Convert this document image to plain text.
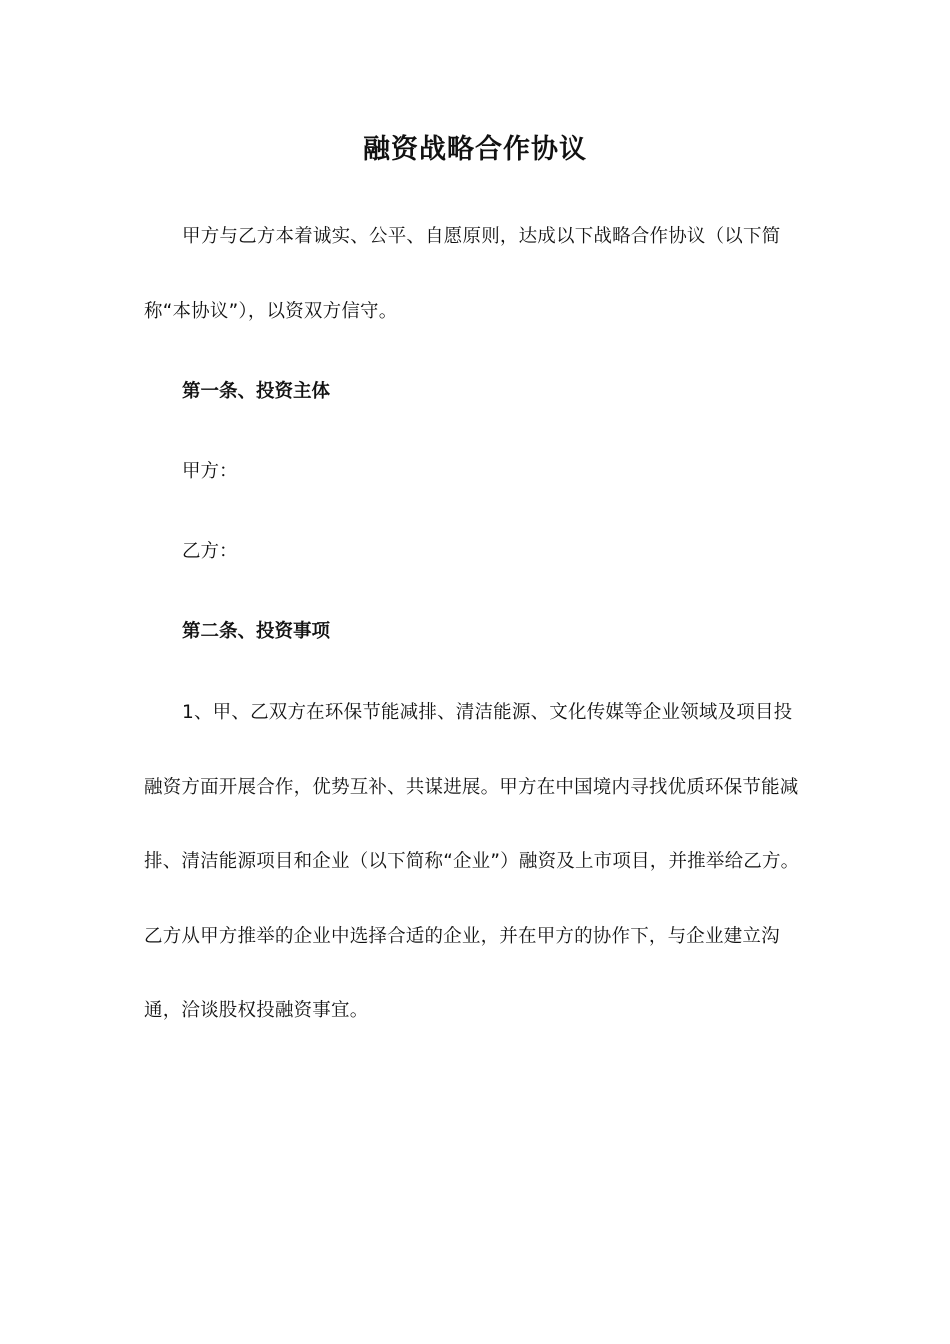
融资战略合作协议
甲方与乙方本着诚实、公平、自愿原则，达成以下战略合作协议（以下简称“本协议”），以资双方信守。
第一条、投资主体
甲方：
乙方：
第二条、投资事项
1、甲、乙双方在环保节能减排、清洁能源、文化传媒等企业领域及项目投融资方面开展合作，优势互补、共谋进展。甲方在中国境内寻找优质环保节能减排、清洁能源项目和企业（以下简称“企业”）融资及上市项目，并推举给乙方。乙方从甲方推举的企业中选择合适的企业，并在甲方的协作下，与企业建立沟通，洽谈股权投融资事宜。
